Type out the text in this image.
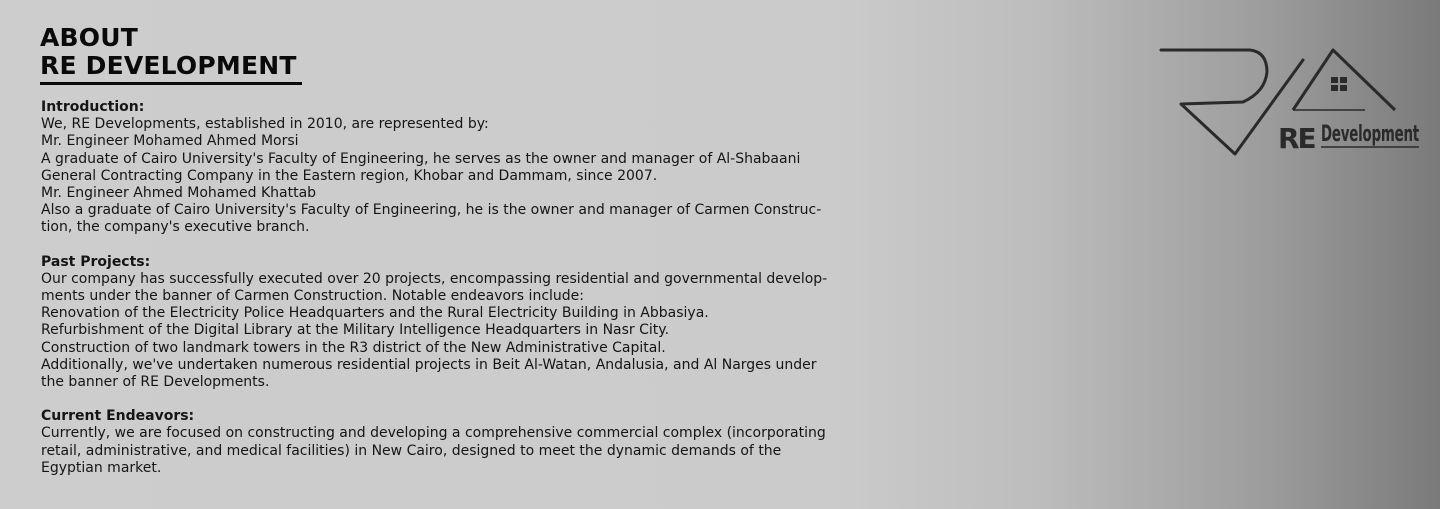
ABOUT
RE DEVELOPMENT
Introduction:
We, RE Developments, established in 2010, are represented by:
Mr. Engineer Mohamed Ahmed Morsi
A graduate of Cairo University's Faculty of Engineering, he serves as the owner and manager of Al-Shabaani
General Contracting Company in the Eastern region, Khobar and Dammam, since 2007.
Mr. Engineer Ahmed Mohamed Khattab
Also a graduate of Cairo University's Faculty of Engineering, he is the owner and manager of Carmen Construc-
tion, the company's executive branch.
Past Projects:
Our company has successfully executed over 20 projects, encompassing residential and governmental develop-
ments under the banner of Carmen Construction. Notable endeavors include:
Renovation of the Electricity Police Headquarters and the Rural Electricity Building in Abbasiya.
Refurbishment of the Digital Library at the Military Intelligence Headquarters in Nasr City.
Construction of two landmark towers in the R3 district of the New Administrative Capital.
Additionally, we've undertaken numerous residential projects in Beit Al-Watan, Andalusia, and Al Narges under
the banner of RE Developments.
Current Endeavors:
Currently, we are focused on constructing and developing a comprehensive commercial complex (incorporating
retail, administrative, and medical facilities) in New Cairo, designed to meet the dynamic demands of the
Egyptian market.
RE Development
